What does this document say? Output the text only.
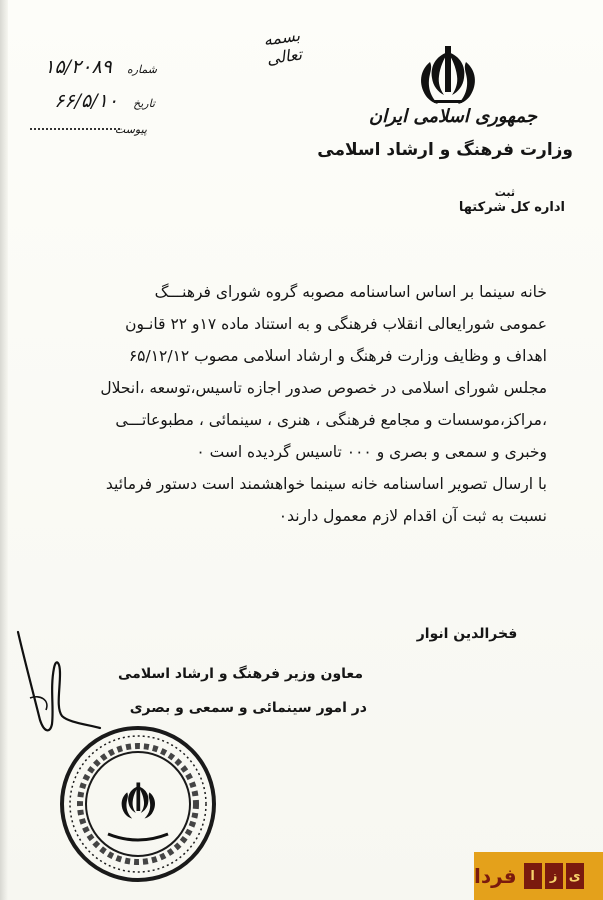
بسمه تعالی
جمهوری اسلامی ایران
وزارت فرهنگ و ارشاد اسلامی
ثبت
اداره کل شرکتها
شماره ۱۵/۲۰۸۹
تاریخ ۶۶/۵/۱۰
پیوست
خانه سینما بر اساس اساسنامه مصوبه گروه شورای فرهنـــگ
عمومی شورایعالی انقلاب فرهنگی و به استناد ماده ۱۷و ۲۲ قانـون
اهداف و وظایف وزارت فرهنگ و ارشاد اسلامی مصوب ۶۵/۱۲/۱۲
مجلس شورای اسلامی در خصوص صدور اجازه تاسیس،توسعه ،انحلال
،مراکز،موسسات و مجامع فرهنگی ، هنری ، سینمائی ، مطبوعاتـــی
وخبری و سمعی و بصری و ۰۰۰ تاسیس گردیده است ۰
با ارسال تصویر اساسنامه خانه سینما خواهشمند است دستور فرمائید
نسبت به ثبت آن اقدام لازم معمول دارند۰
فخرالدین انوار
معاون وزیر فرهنگ و ارشاد اسلامی
در امور سینمائی و سمعی و بصری
ی
ز
ا
فردا
